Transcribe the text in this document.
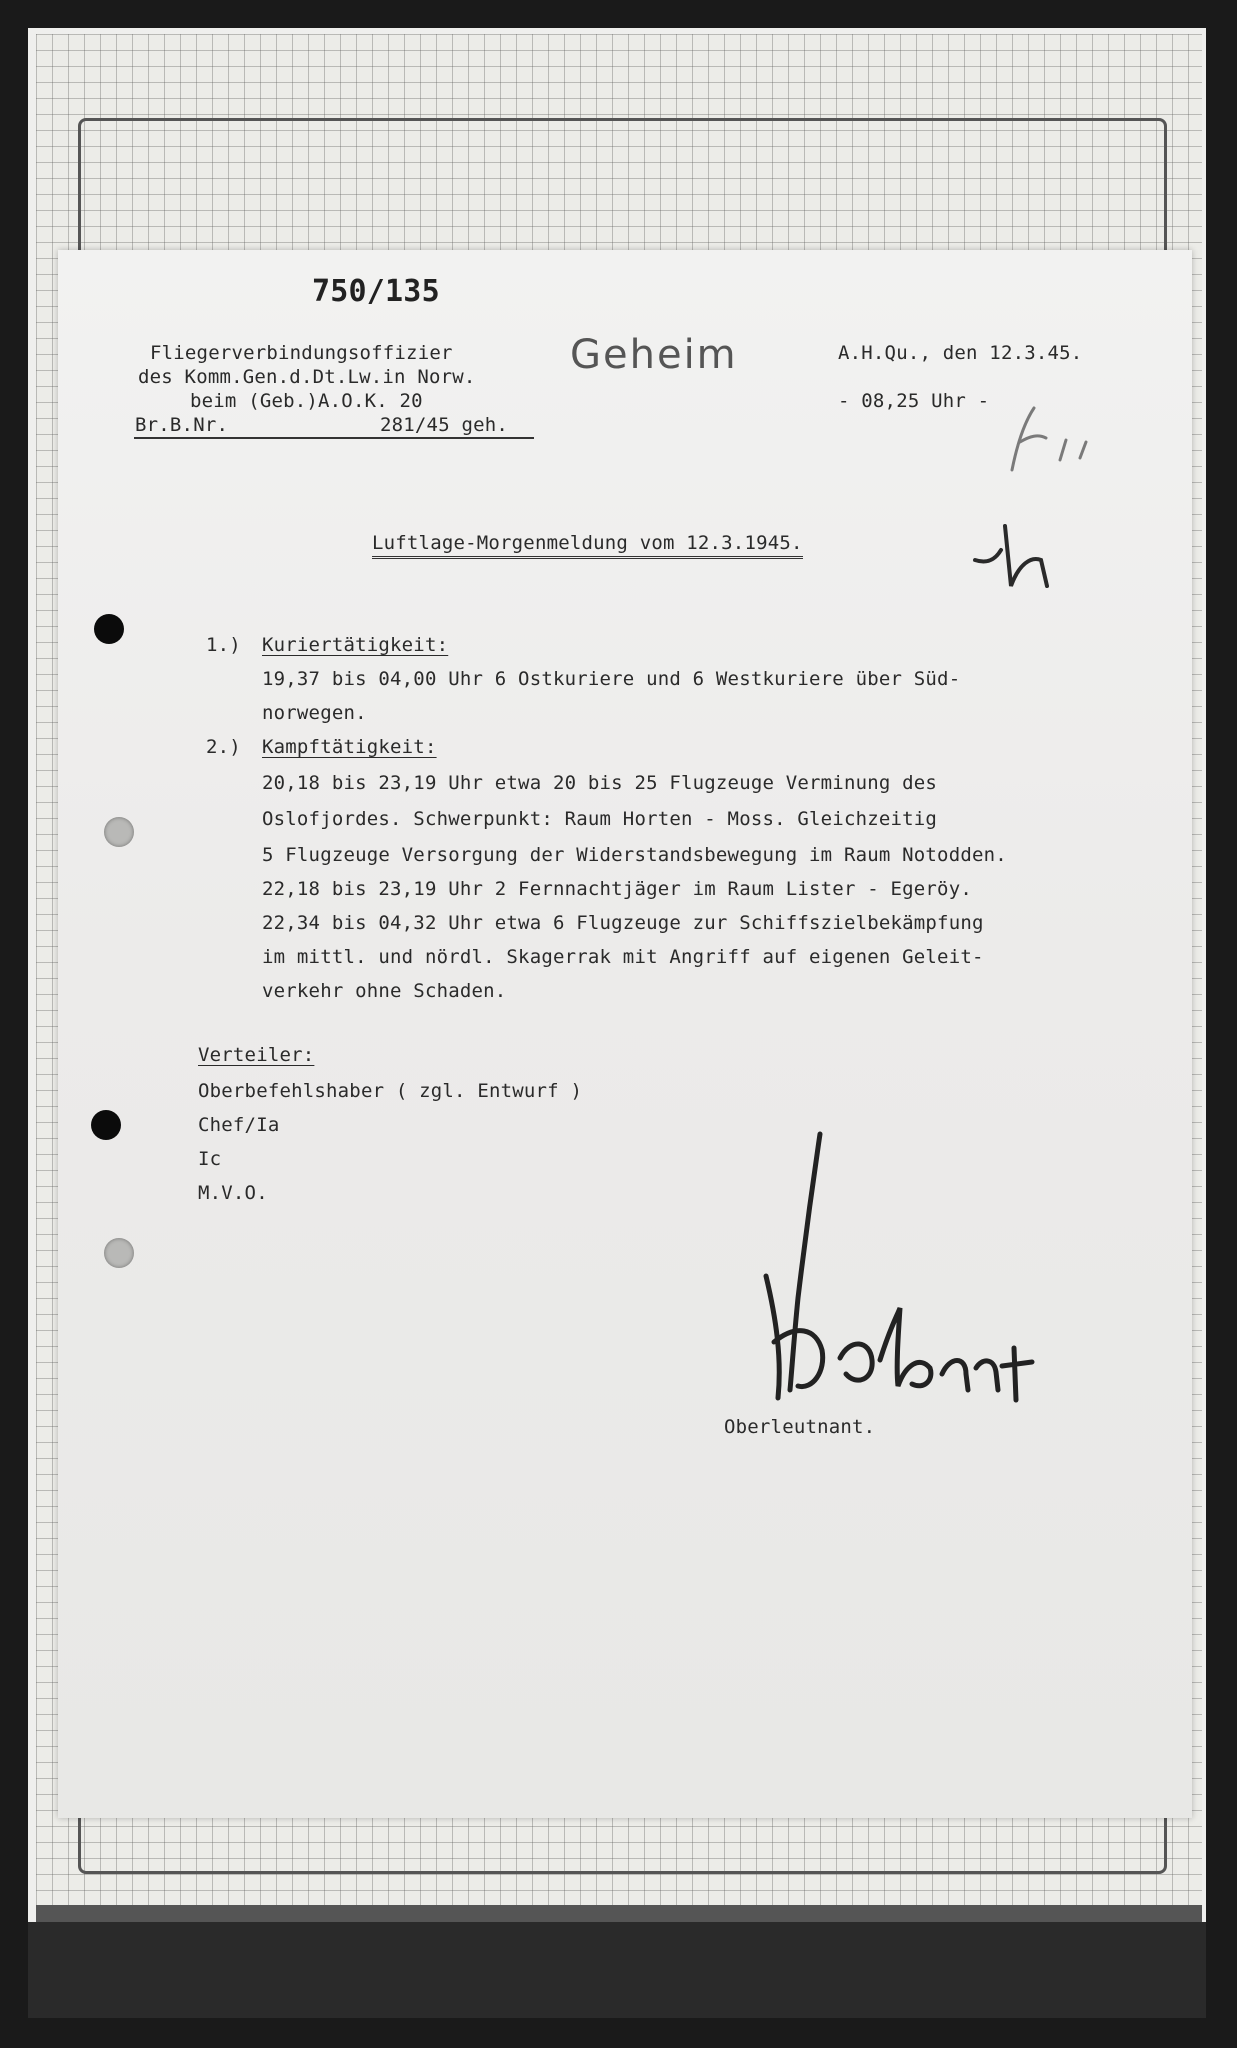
750/135
Fliegerverbindungsoffizier
des Komm.Gen.d.Dt.Lw.in Norw.
beim (Geb.)A.O.K. 20
Br.B.Nr.	281/45 geh.
Geheim	A.H.Qu., den 12.3.45.
- 08,25 Uhr -
Luftlage-Morgenmeldung vom 12.3.1945.
1.) Kuriertätigkeit:
19,37 bis 04,00 Uhr 6 Ostkuriere und 6 Westkuriere über Süd-
norwegen.
2.) Kampftätigkeit:
20,18 bis 23,19 Uhr etwa 20 bis 25 Flugzeuge Verminung des
Oslofjordes. Schwerpunkt: Raum Horten - Moss. Gleichzeitig
5 Flugzeuge Versorgung der Widerstandsbewegung im Raum Notodden.
22,18 bis 23,19 Uhr 2 Fernnachtjäger im Raum Lister - Egeröy.
22,34 bis 04,32 Uhr etwa 6 Flugzeuge zur Schiffszielbekämpfung
im mittl. und nördl. Skagerrak mit Angriff auf eigenen Geleit-
verkehr ohne Schaden.
Verteiler:
Oberbefehlshaber ( zgl. Entwurf )
Chef/Ia
Ic
M.V.O.
Oberleutnant.
